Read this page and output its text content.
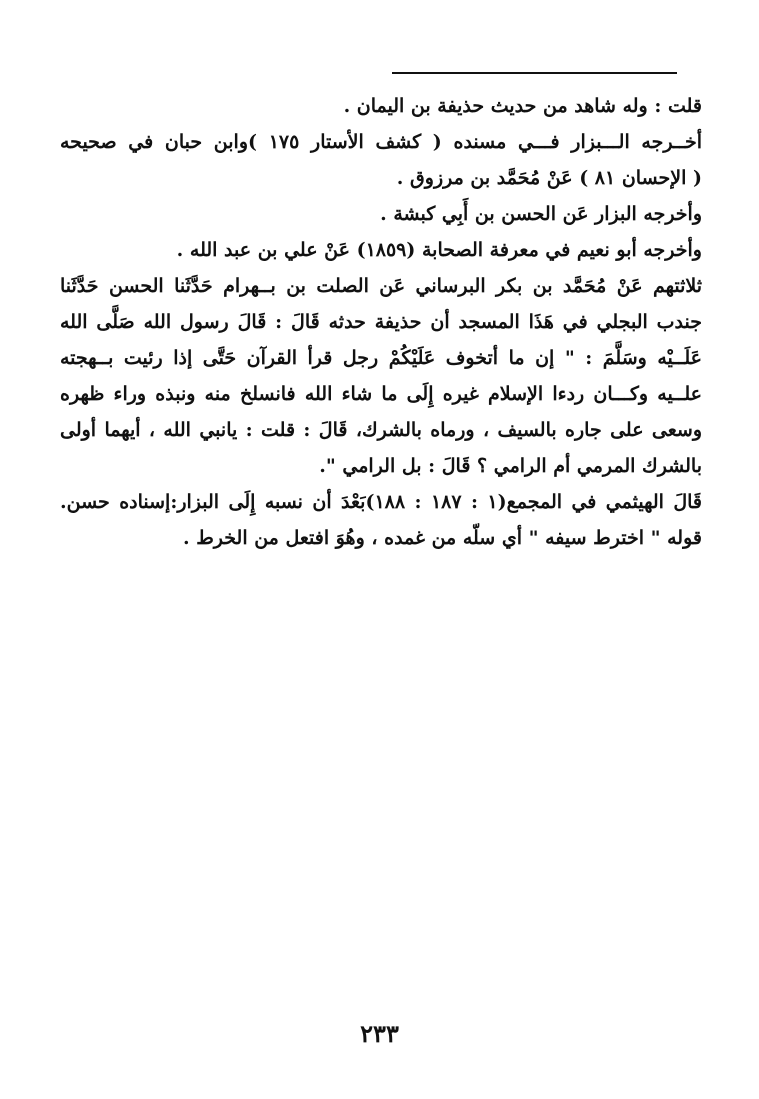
قلت : وله شاهد من حديث حذيفة بن اليمان .
أخــرجه الـــبزار فـــي مسنده ( كشف الأستار ١٧٥ )وابن حبان في صحيحه
( الإحسان ٨١ ) عَنْ مُحَمَّد بن مرزوق .
وأخرجه البزار عَن الحسن بن أَبِي كبشة .
وأخرجه أبو نعيم في معرفة الصحابة (١٨٥٩) عَنْ علي بن عبد الله .
ثلاثتهم عَنْ مُحَمَّد بن بكر البرساني عَن الصلت بن بــهرام حَدَّثَنا الحسن حَدَّثَنا
جندب البجلي في هَذَا المسجد أن حذيفة حدثه قَالَ : قَالَ رسول الله صَلَّى الله
عَلَــيْه وسَلَّمَ : " إن ما أتخوف عَلَيْكُمْ رجل قرأ القرآن حَتَّى إذا رئيت بــهجته
علــيه وكـــان ردءا الإسلام غيره إِلَى ما شاء الله فانسلخ منه ونبذه وراء ظهره
وسعى على جاره بالسيف ، ورماه بالشرك، قَالَ : قلت : يانبي الله ، أيهما أولى
بالشرك المرمي أم الرامي ؟ قَالَ : بل الرامي ".
قَالَ الهيثمي في المجمع(١ : ١٨٧ : ١٨٨)بَعْدَ أن نسبه إِلَى البزار:إسناده حسن.
قوله " اخترط سيفه " أي سلّه من غمده ، وهُوَ افتعل من الخرط .
٢٣٣
